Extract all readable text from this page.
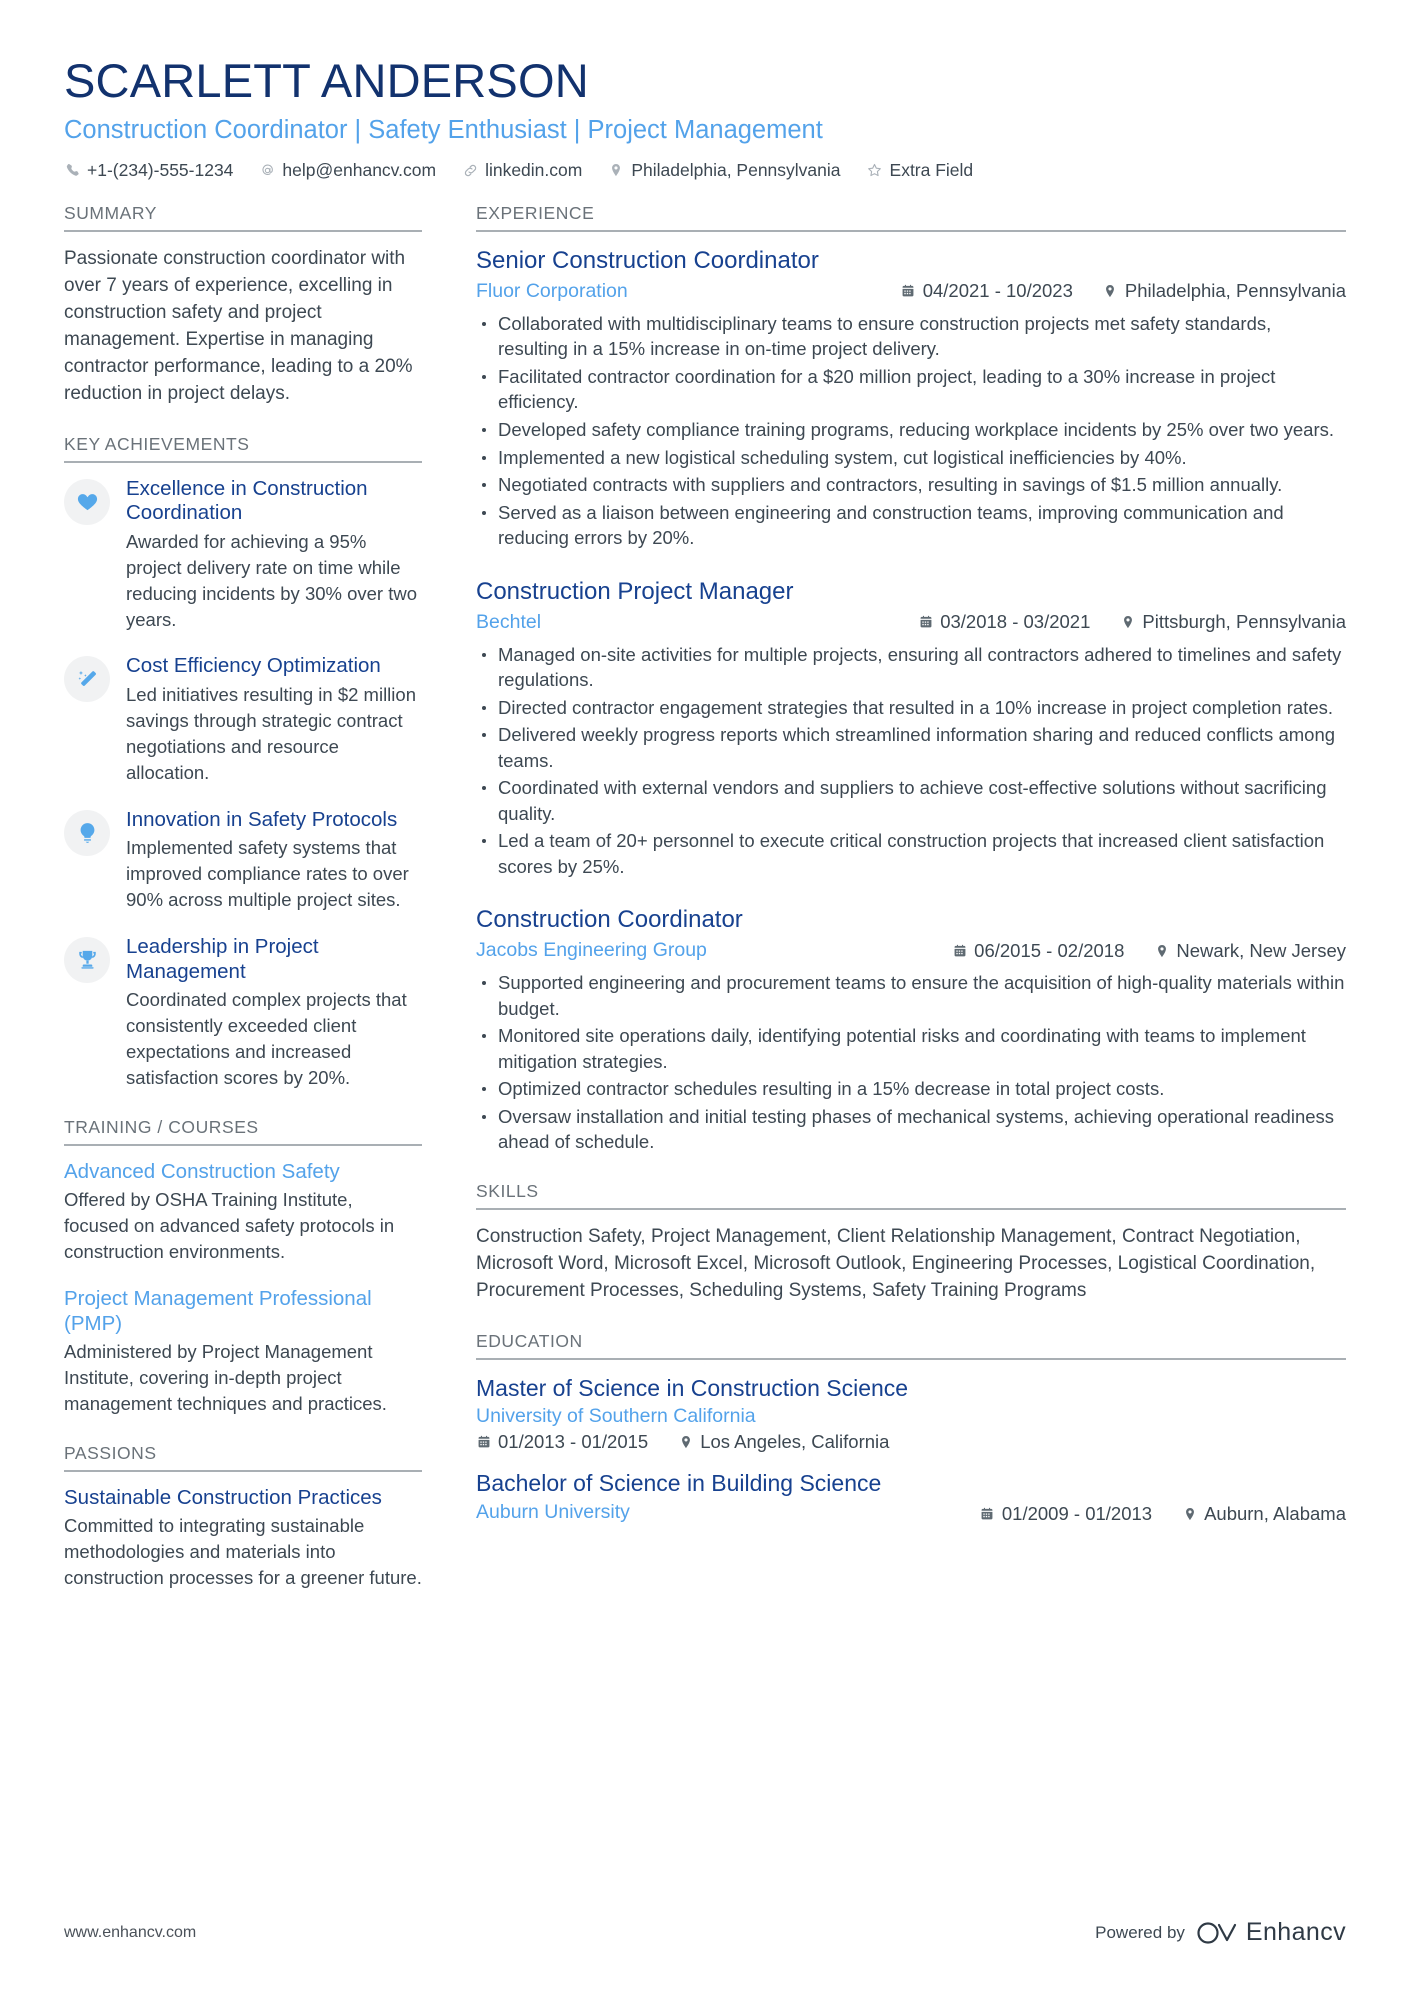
SCARLETT ANDERSON
Construction Coordinator | Safety Enthusiast | Project Management
+1-(234)-555-1234	help@enhancv.com	linkedin.com	Philadelphia, Pennsylvania	Extra Field
SUMMARY
Passionate construction coordinator with over 7 years of experience, excelling in construction safety and project management. Expertise in managing contractor performance, leading to a 20% reduction in project delays.
KEY ACHIEVEMENTS
Excellence in Construction Coordination
Awarded for achieving a 95% project delivery rate on time while reducing incidents by 30% over two years.
Cost Efficiency Optimization
Led initiatives resulting in $2 million savings through strategic contract negotiations and resource allocation.
Innovation in Safety Protocols
Implemented safety systems that improved compliance rates to over 90% across multiple project sites.
Leadership in Project Management
Coordinated complex projects that consistently exceeded client expectations and increased satisfaction scores by 20%.
TRAINING / COURSES
Advanced Construction Safety
Offered by OSHA Training Institute, focused on advanced safety protocols in construction environments.
Project Management Professional (PMP)
Administered by Project Management Institute, covering in-depth project management techniques and practices.
PASSIONS
Sustainable Construction Practices
Committed to integrating sustainable methodologies and materials into construction processes for a greener future.
EXPERIENCE
Senior Construction Coordinator
Fluor Corporation	04/2021 - 10/2023	Philadelphia, Pennsylvania
Collaborated with multidisciplinary teams to ensure construction projects met safety standards, resulting in a 15% increase in on-time project delivery.
Facilitated contractor coordination for a $20 million project, leading to a 30% increase in project efficiency.
Developed safety compliance training programs, reducing workplace incidents by 25% over two years.
Implemented a new logistical scheduling system, cut logistical inefficiencies by 40%.
Negotiated contracts with suppliers and contractors, resulting in savings of $1.5 million annually.
Served as a liaison between engineering and construction teams, improving communication and reducing errors by 20%.
Construction Project Manager
Bechtel	03/2018 - 03/2021	Pittsburgh, Pennsylvania
Managed on-site activities for multiple projects, ensuring all contractors adhered to timelines and safety regulations.
Directed contractor engagement strategies that resulted in a 10% increase in project completion rates.
Delivered weekly progress reports which streamlined information sharing and reduced conflicts among teams.
Coordinated with external vendors and suppliers to achieve cost-effective solutions without sacrificing quality.
Led a team of 20+ personnel to execute critical construction projects that increased client satisfaction scores by 25%.
Construction Coordinator
Jacobs Engineering Group	06/2015 - 02/2018	Newark, New Jersey
Supported engineering and procurement teams to ensure the acquisition of high-quality materials within budget.
Monitored site operations daily, identifying potential risks and coordinating with teams to implement mitigation strategies.
Optimized contractor schedules resulting in a 15% decrease in total project costs.
Oversaw installation and initial testing phases of mechanical systems, achieving operational readiness ahead of schedule.
SKILLS
Construction Safety, Project Management, Client Relationship Management, Contract Negotiation, Microsoft Word, Microsoft Excel, Microsoft Outlook, Engineering Processes, Logistical Coordination, Procurement Processes, Scheduling Systems, Safety Training Programs
EDUCATION
Master of Science in Construction Science
University of Southern California
01/2013 - 01/2015	Los Angeles, California
Bachelor of Science in Building Science
Auburn University	01/2009 - 01/2013	Auburn, Alabama
www.enhancv.com	Powered by Enhancv
